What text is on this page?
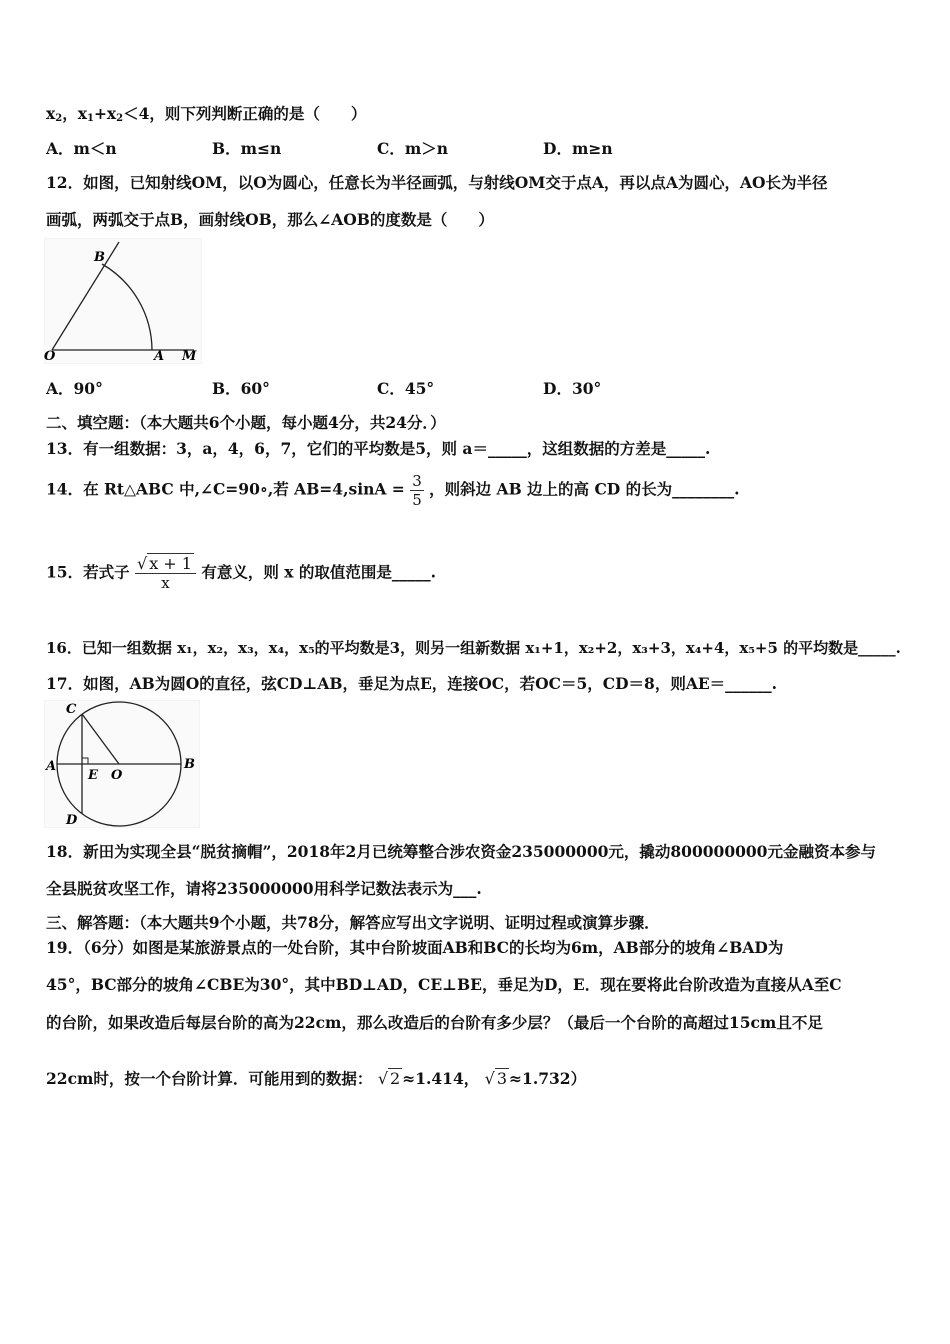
$x_2$，$x_1+x_2<4$，则下列判断正确的是（　　）
A．m＜n	B．m≤n	C．m＞n	D．m≥n
12．如图，已知射线OM，以O为圆心，任意长为半径画弧，与射线OM交于点A，再以点A为圆心，AO长为半径
画弧，两弧交于点B，画射线OB，那么∠AOB的度数是（　　）
B
O	A M
A．90°	B．60°	C．45°	D．30°
二、填空题：（本大题共6个小题，每小题4分，共24分．）
13．有一组数据：3，a，4，6，7，它们的平均数是5，则 a＝_____，这组数据的方差是_____.
14．在 Rt△ABC 中,∠C=90∘,若 $AB=4,\sin A = \frac{3}{5}$ ，则斜边 AB 边上的高 CD 的长为________.
15．若式子 $\frac{√ x + 1}{x}$ 有意义，则 x 的取值范围是_____.
16．已知一组数据 x₁，x₂，x₃，x₄，x₅的平均数是3，则另一组新数据 x₁+1，x₂+2，x₃+3，x₄+4，x₅+5 的平均数是_____.
17．如图，AB为圆O的直径，弦CD⊥AB，垂足为点E，连接OC，若OC＝5，CD＝8，则AE＝______.
C
A
E O
B
D
18．新田为实现全县“脱贫摘帽”，2018年2月已统筹整合涉农资金235000000元，撬动800000000元金融资本参与
全县脱贫攻坚工作，请将235000000用科学记数法表示为___.
三、解答题：（本大题共9个小题，共78分，解答应写出文字说明、证明过程或演算步骤．
19．（6分）如图是某旅游景点的一处台阶，其中台阶坡面AB和BC的长均为6m，AB部分的坡角∠BAD为
45°，BC部分的坡角∠CBE为30°，其中BD⊥AD，CE⊥BE，垂足为D，E．现在要将此台阶改造为直接从A至C
的台阶，如果改造后每层台阶的高为22cm，那么改造后的台阶有多少层？（最后一个台阶的高超过15cm且不足
22cm时，按一个台阶计算．可能用到的数据： √ 2 ≈1.414， √ 3 ≈1.732）
